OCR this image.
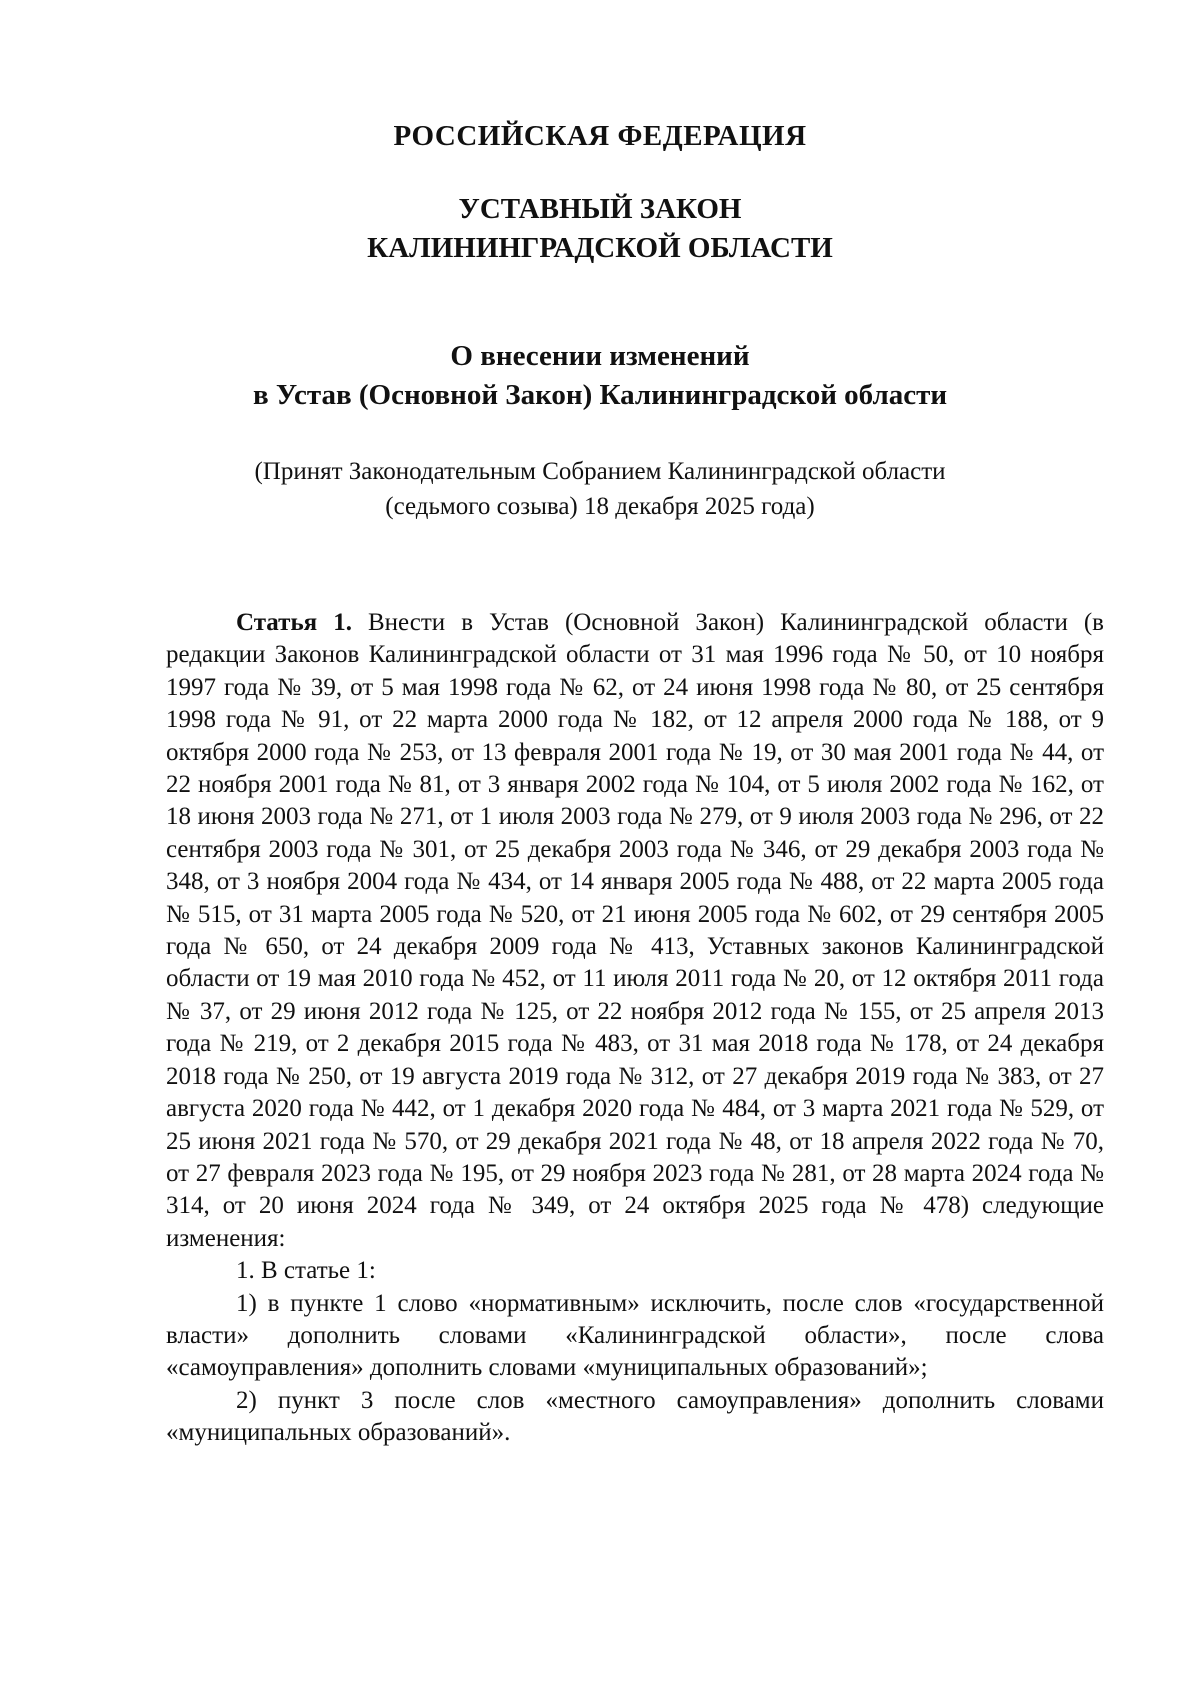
РОССИЙСКАЯ ФЕДЕРАЦИЯ
УСТАВНЫЙ ЗАКОН
КАЛИНИНГРАДСКОЙ ОБЛАСТИ
О внесении изменений
в Устав (Основной Закон) Калининградской области

(Принят Законодательным Собранием Калининградской области
(седьмого созыва) 18 декабря 2025 года)

Статья 1. Внести в Устав (Основной Закон) Калининградской области (в редакции Законов Калининградской области от 31 мая 1996 года № 50, от 10 ноября 1997 года № 39, от 5 мая 1998 года № 62, от 24 июня 1998 года № 80, от 25 сентября 1998 года № 91, от 22 марта 2000 года № 182, от 12 апреля 2000 года № 188, от 9 октября 2000 года № 253, от 13 февраля 2001 года № 19, от 30 мая 2001 года № 44, от 22 ноября 2001 года № 81, от 3 января 2002 года № 104, от 5 июля 2002 года № 162, от 18 июня 2003 года № 271, от 1 июля 2003 года № 279, от 9 июля 2003 года № 296, от 22 сентября 2003 года № 301, от 25 декабря 2003 года № 346, от 29 декабря 2003 года № 348, от 3 ноября 2004 года № 434, от 14 января 2005 года № 488, от 22 марта 2005 года № 515, от 31 марта 2005 года № 520, от 21 июня 2005 года № 602, от 29 сентября 2005 года № 650, от 24 декабря 2009 года № 413, Уставных законов Калининградской области от 19 мая 2010 года № 452, от 11 июля 2011 года № 20, от 12 октября 2011 года № 37, от 29 июня 2012 года № 125, от 22 ноября 2012 года № 155, от 25 апреля 2013 года № 219, от 2 декабря 2015 года № 483, от 31 мая 2018 года № 178, от 24 декабря 2018 года № 250, от 19 августа 2019 года № 312, от 27 декабря 2019 года № 383, от 27 августа 2020 года № 442, от 1 декабря 2020 года № 484, от 3 марта 2021 года № 529, от 25 июня 2021 года № 570, от 29 декабря 2021 года № 48, от 18 апреля 2022 года № 70, от 27 февраля 2023 года № 195, от 29 ноября 2023 года № 281, от 28 марта 2024 года № 314, от 20 июня 2024 года № 349, от 24 октября 2025 года № 478) следующие изменения:

1. В статье 1:

1) в пункте 1 слово «нормативным» исключить, после слов «государственной власти» дополнить словами «Калининградской области», после слова «самоуправления» дополнить словами «муниципальных образований»;

2) пункт 3 после слов «местного самоуправления» дополнить словами «муниципальных образований».
